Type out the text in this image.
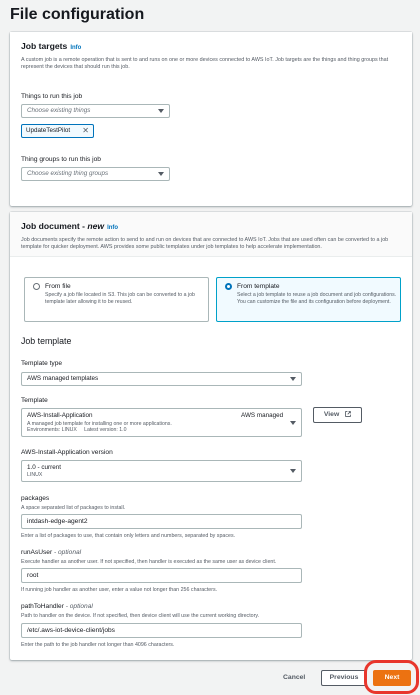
File configuration
Job targets Info
A custom job is a remote operation that is sent to and runs on one or more devices connected to AWS IoT. Job targets are the things and thing groups that represent the devices that should run this job.
Things to run this job
Choose existing things
UpdateTestPilot ✕
Thing groups to run this job
Choose existing thing groups
Job document - new Info
Job documents specify the remote action to send to and run on devices that are connected to AWS IoT. Jobs that are used often can be converted to a job template for quicker deployment. AWS provides some public templates under job templates to help accelerate implementation.
From file
Specify a job file located in S3. This job can be converted to a job template later allowing it to be reused.
From template
Select a job template to reuse a job document and job configurations. You can customize the file and its configuration before deployment.
Job template
Template type
AWS managed templates
Template
AWS-Install-Application	AWS managed
A managed job template for installing one or more applications.
Environments: LINUX     Latest version: 1.0
View
AWS-Install-Application version
1.0 - current
LINUX
packages
A space separated list of packages to install.
intdash-edge-agent2
Enter a list of packages to use, that contain only letters and numbers, separated by spaces.
runAsUser - optional
Execute handler as another user. If not specified, then handler is executed as the same user as device client.
root
If running job handler as another user, enter a value not longer than 256 characters.
pathToHandler - optional
Path to handler on the device. If not specified, then device client will use the current working directory.
/etc/.aws-iot-device-client/jobs
Enter the path to the job handler not longer than 4096 characters.
Cancel	Previous	Next
